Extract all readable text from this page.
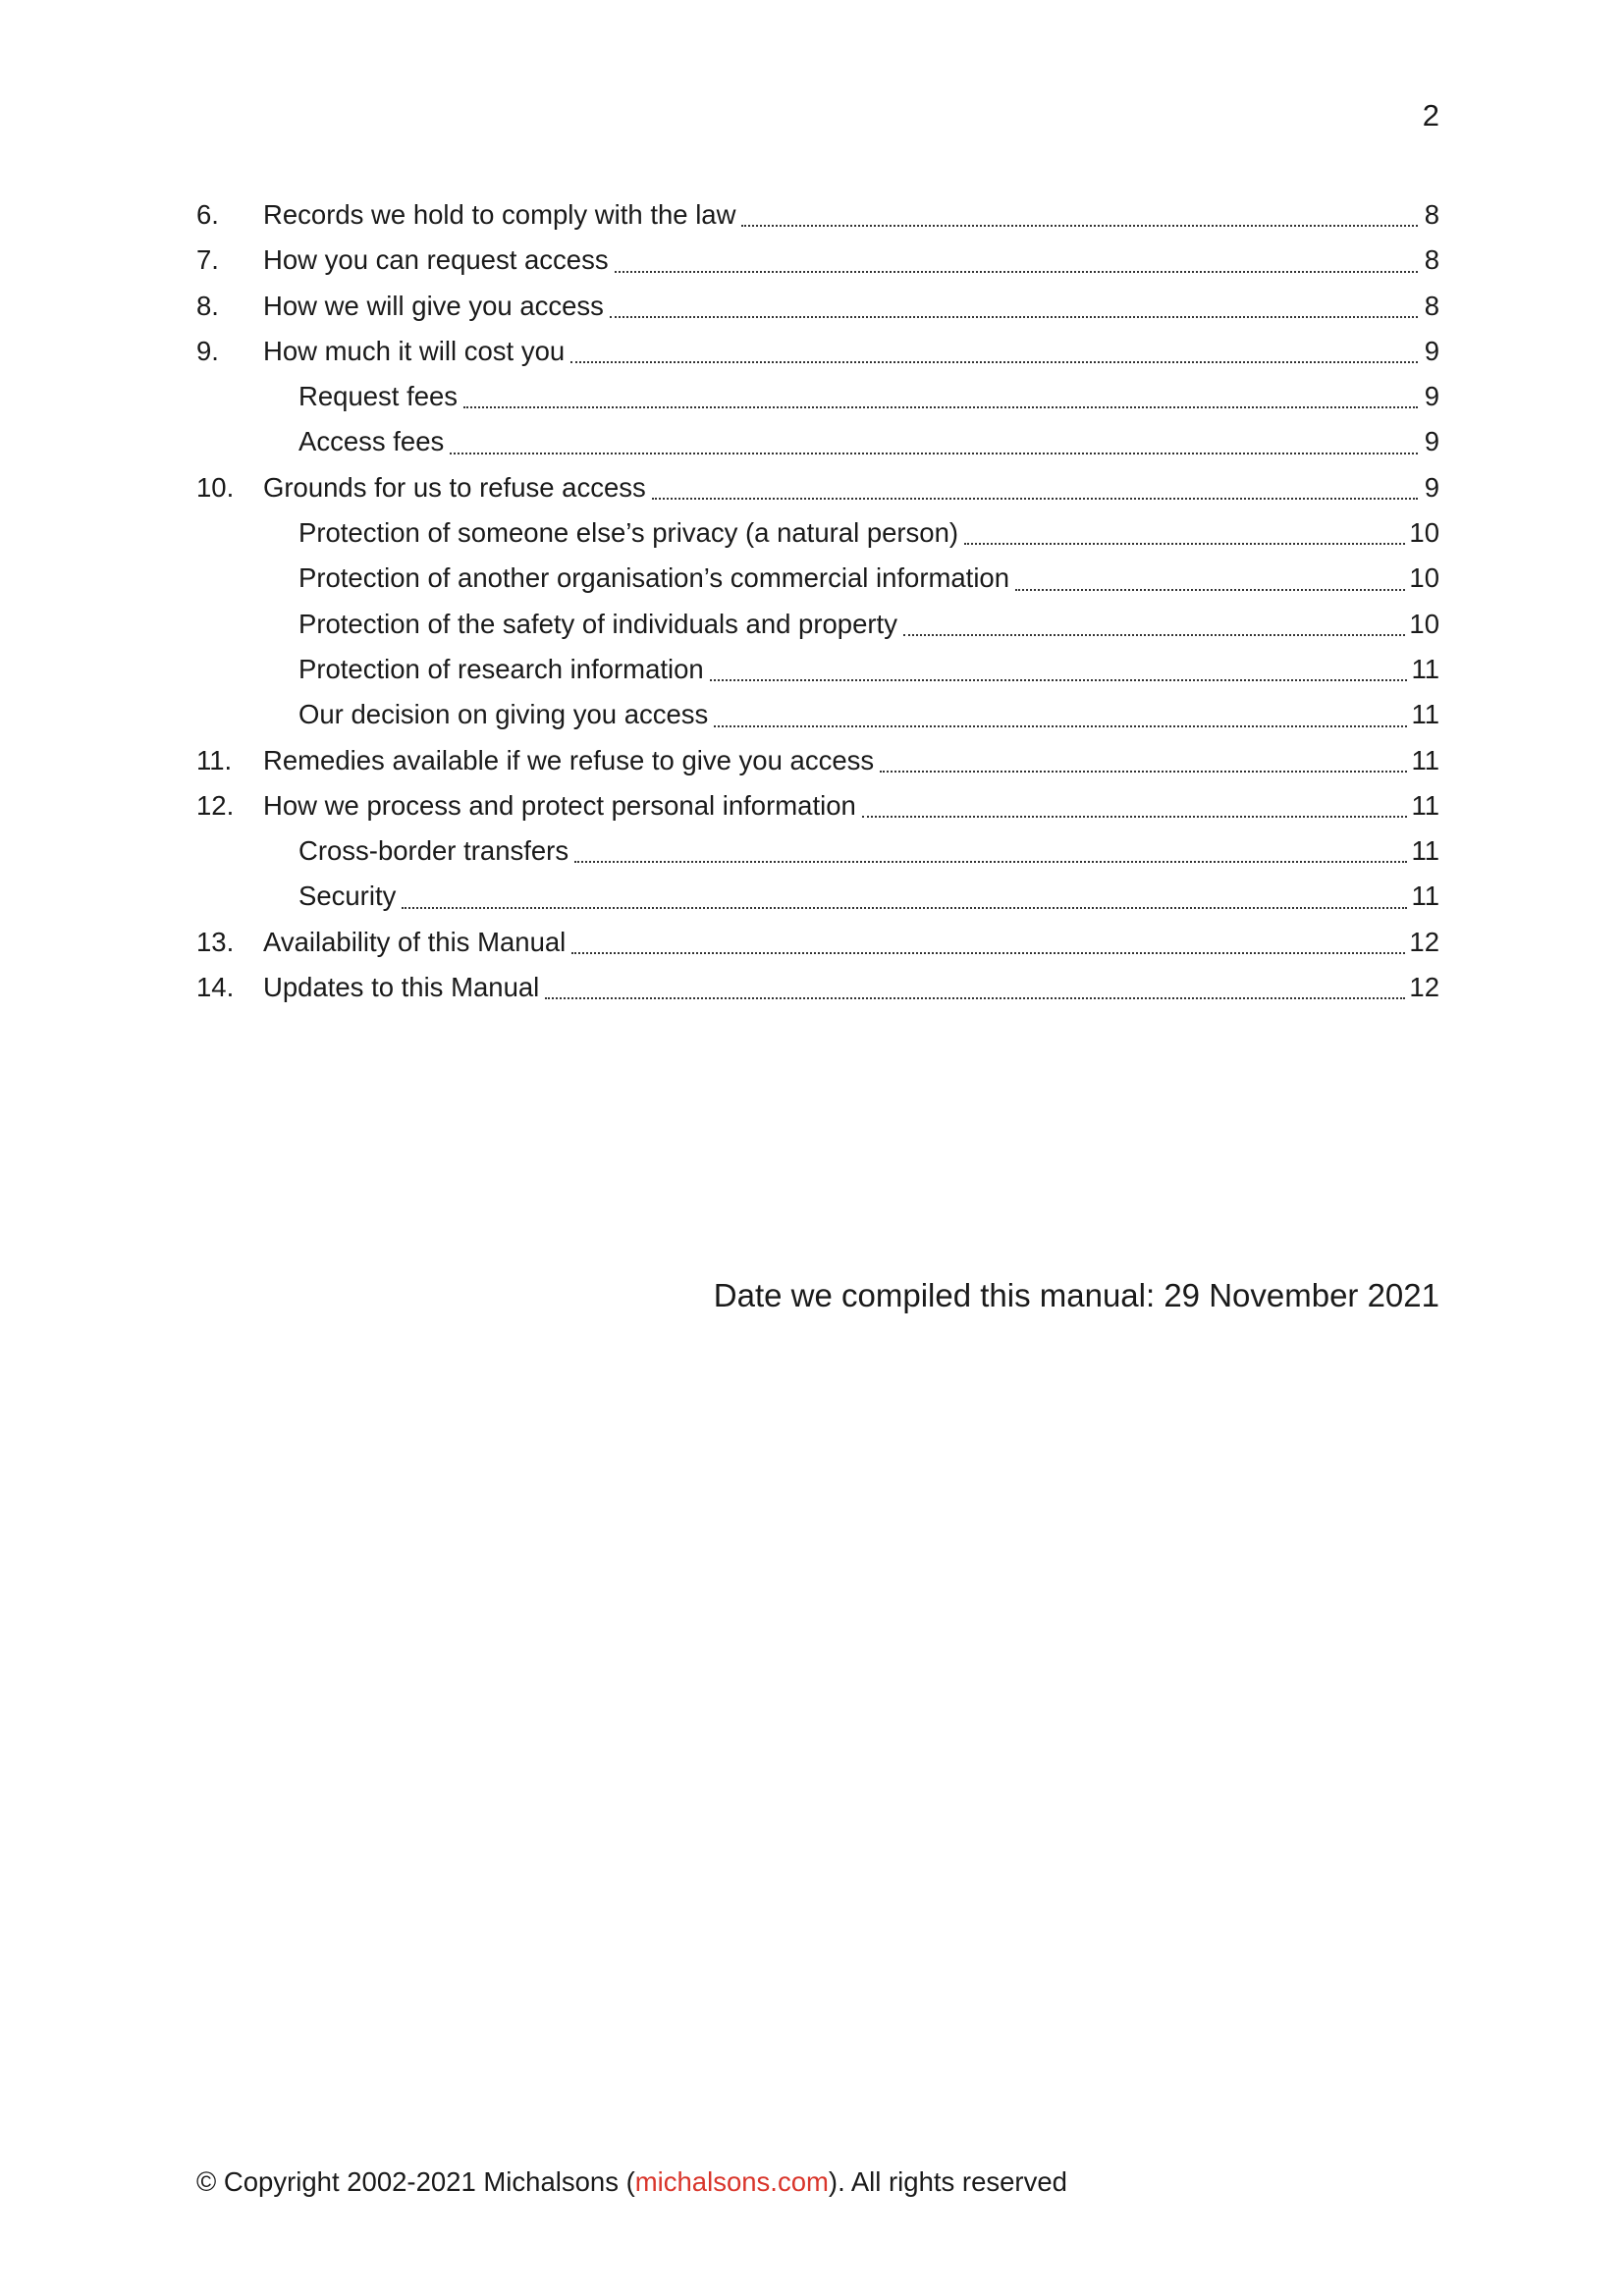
2
6.	Records we hold to comply with the law	8
7.	How you can request access	8
8.	How we will give you access	8
9.	How much it will cost you	9
Request fees	9
Access fees	9
10.	Grounds for us to refuse access	9
Protection of someone else’s privacy (a natural person)	10
Protection of another organisation’s commercial information	10
Protection of the safety of individuals and property	10
Protection of research information	11
Our decision on giving you access	11
11.	Remedies available if we refuse to give you access	11
12.	How we process and protect personal information	11
Cross-border transfers	11
Security	11
13.	Availability of this Manual	12
14.	Updates to this Manual	12
Date we compiled this manual: 29 November 2021
© Copyright 2002-2021 Michalsons (michalsons.com). All rights reserved
